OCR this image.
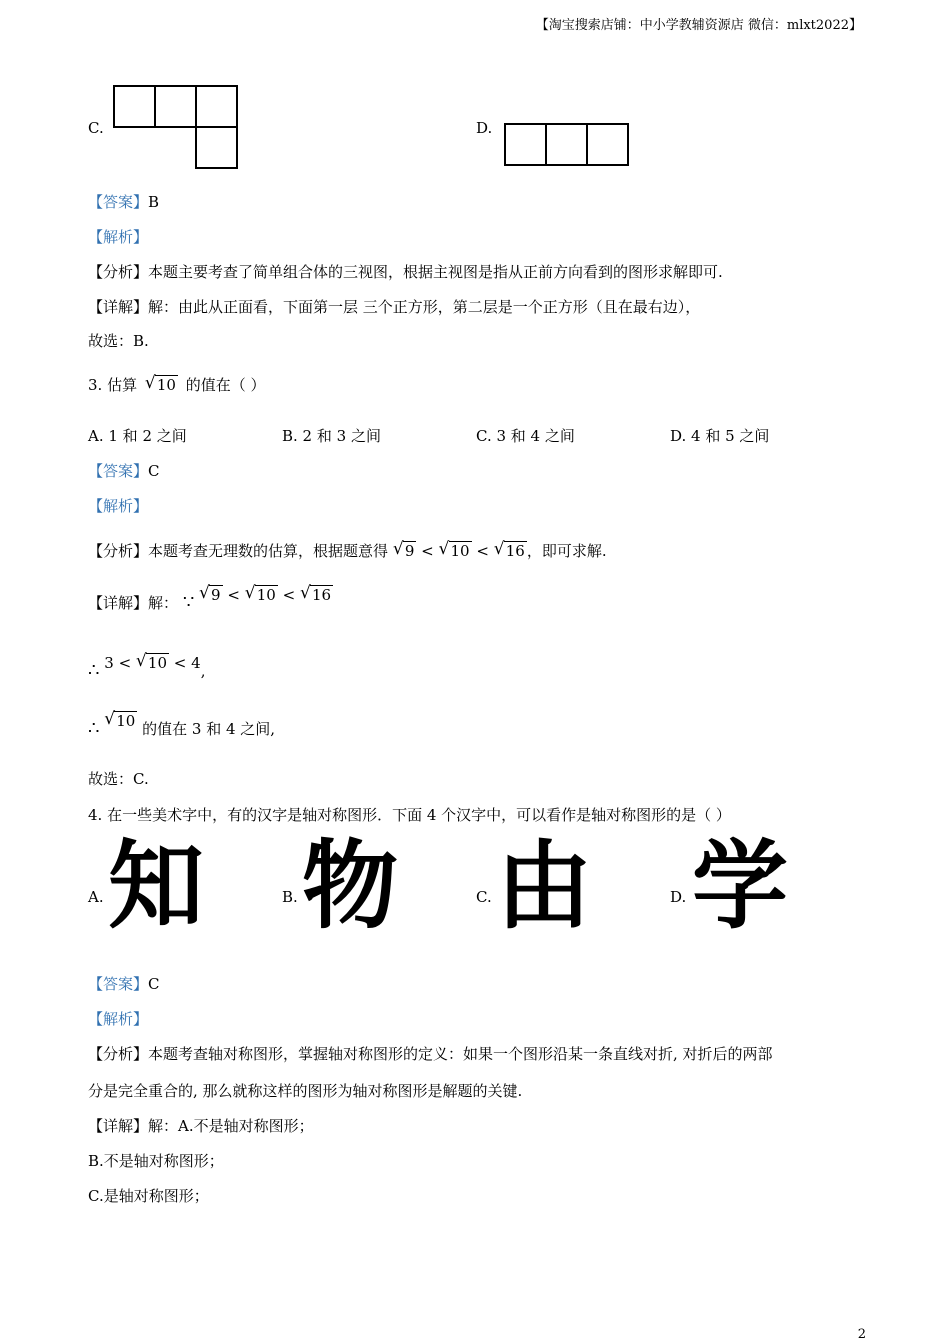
【淘宝搜索店铺：中小学教辅资源店 微信：mlxt2022】
C.	D.
【答案】B
【解析】
【分析】本题主要考查了简单组合体的三视图，根据主视图是指从正前方向看到的图形求解即可.
【详解】解：由此从正面看，下面第一层 三个正方形，第二层是一个正方形（且在最右边），
故选：B.
3. 估算 √ 10 的值在（ ）
A. 1 和 2 之间	B. 2 和 3 之间	C. 3 和 4 之间	D. 4 和 5 之间
【答案】C
【解析】
【分析】本题考查无理数的估算，根据题意得 √ 9 < √ 10 < √ 16 ，即可求解.
【详解】解： ∵ √ 9 < √ 10 < √ 16
∴ 3 < √ 10 < 4,
∴ √ 10 的值在 3 和 4 之间,
故选：C.
4. 在一些美术字中，有的汉字是轴对称图形．下面 4 个汉字中，可以看作是轴对称图形的是（ ）
A. 知	B. 物	C. 由	D. 学
【答案】C
【解析】
【分析】本题考查轴对称图形，掌握轴对称图形的定义：如果一个图形沿某一条直线对折, 对折后的两部
分是完全重合的, 那么就称这样的图形为轴对称图形是解题的关键.
【详解】解：A.不是轴对称图形；
B.不是轴对称图形；
C.是轴对称图形；
2
